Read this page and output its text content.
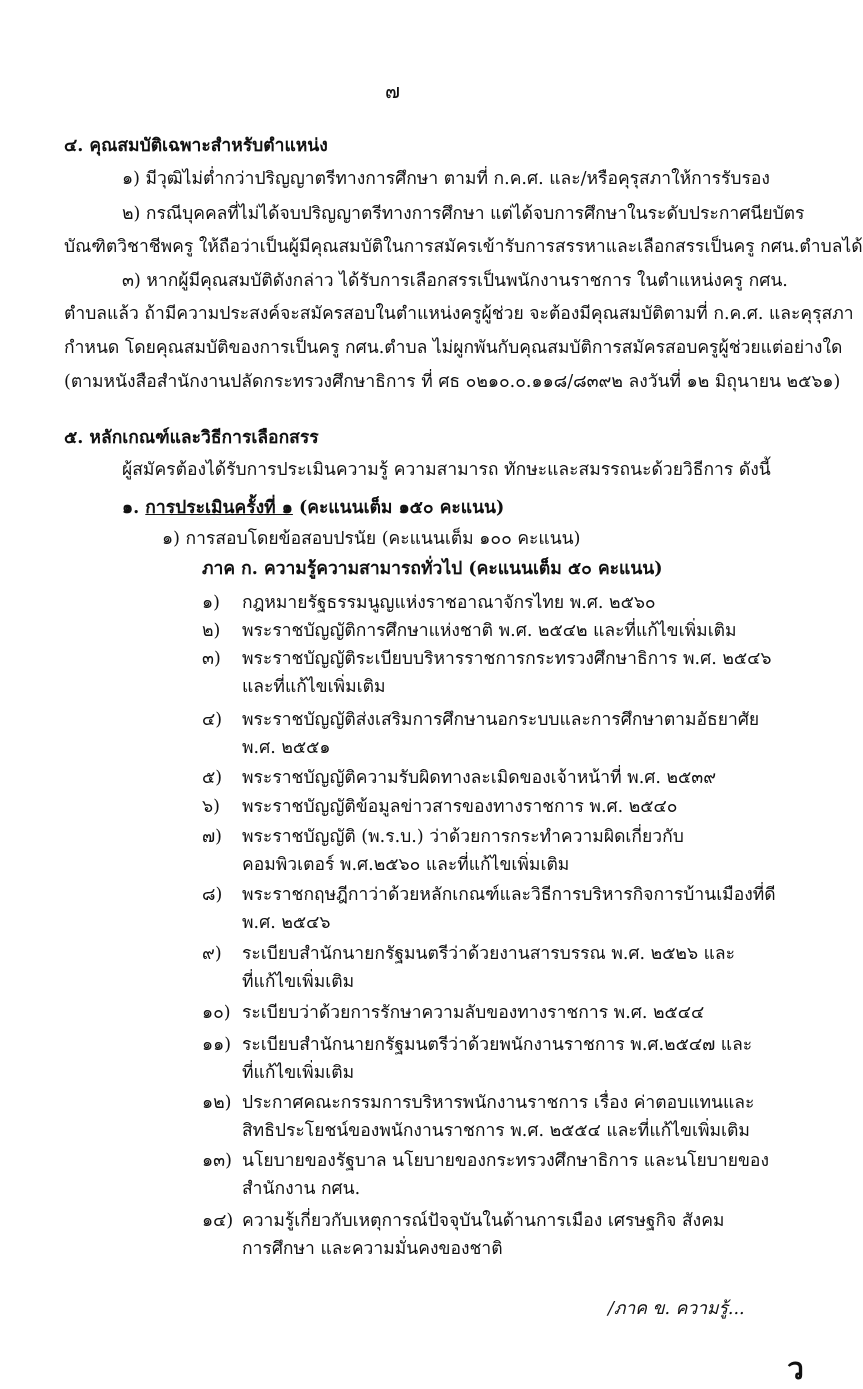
๗
๔. คุณสมบัติเฉพาะสำหรับตำแหน่ง
๑) มีวุฒิไม่ต่ำกว่าปริญญาตรีทางการศึกษา ตามที่ ก.ค.ศ. และ/หรือคุรุสภาให้การรับรอง
๒) กรณีบุคคลที่ไม่ได้จบปริญญาตรีทางการศึกษา แต่ได้จบการศึกษาในระดับประกาศนียบัตร
บัณฑิตวิชาชีพครู ให้ถือว่าเป็นผู้มีคุณสมบัติในการสมัครเข้ารับการสรรหาและเลือกสรรเป็นครู กศน.ตำบลได้
๓) หากผู้มีคุณสมบัติดังกล่าว ได้รับการเลือกสรรเป็นพนักงานราชการ ในตำแหน่งครู กศน.
ตำบลแล้ว ถ้ามีความประสงค์จะสมัครสอบในตำแหน่งครูผู้ช่วย จะต้องมีคุณสมบัติตามที่ ก.ค.ศ. และคุรุสภา
กำหนด โดยคุณสมบัติของการเป็นครู กศน.ตำบล ไม่ผูกพันกับคุณสมบัติการสมัครสอบครูผู้ช่วยแต่อย่างใด
(ตามหนังสือสำนักงานปลัดกระทรวงศึกษาธิการ ที่ ศธ ๐๒๑๐.๐.๑๑๘/๘๓๙๒ ลงวันที่ ๑๒ มิถุนายน ๒๕๖๑)
๕. หลักเกณฑ์และวิธีการเลือกสรร
ผู้สมัครต้องได้รับการประเมินความรู้ ความสามารถ ทักษะและสมรรถนะด้วยวิธีการ ดังนี้
๑. การประเมินครั้งที่ ๑ (คะแนนเต็ม ๑๕๐ คะแนน)
๑) การสอบโดยข้อสอบปรนัย (คะแนนเต็ม ๑๐๐ คะแนน)
ภาค ก. ความรู้ความสามารถทั่วไป (คะแนนเต็ม ๕๐ คะแนน)
๑) กฎหมายรัฐธรรมนูญแห่งราชอาณาจักรไทย พ.ศ. ๒๕๖๐
๒) พระราชบัญญัติการศึกษาแห่งชาติ พ.ศ. ๒๕๔๒ และที่แก้ไขเพิ่มเติม
๓) พระราชบัญญัติระเบียบบริหารราชการกระทรวงศึกษาธิการ พ.ศ. ๒๕๔๖
และที่แก้ไขเพิ่มเติม
๔) พระราชบัญญัติส่งเสริมการศึกษานอกระบบและการศึกษาตามอัธยาศัย
พ.ศ. ๒๕๕๑
๕) พระราชบัญญัติความรับผิดทางละเมิดของเจ้าหน้าที่ พ.ศ. ๒๕๓๙
๖) พระราชบัญญัติข้อมูลข่าวสารของทางราชการ พ.ศ. ๒๕๔๐
๗) พระราชบัญญัติ (พ.ร.บ.) ว่าด้วยการกระทำความผิดเกี่ยวกับ
คอมพิวเตอร์ พ.ศ.๒๕๖๐ และที่แก้ไขเพิ่มเติม
๘) พระราชกฤษฎีกาว่าด้วยหลักเกณฑ์และวิธีการบริหารกิจการบ้านเมืองที่ดี
พ.ศ. ๒๕๔๖
๙) ระเบียบสำนักนายกรัฐมนตรีว่าด้วยงานสารบรรณ พ.ศ. ๒๕๒๖ และ
ที่แก้ไขเพิ่มเติม
๑๐) ระเบียบว่าด้วยการรักษาความลับของทางราชการ พ.ศ. ๒๕๔๔
๑๑) ระเบียบสำนักนายกรัฐมนตรีว่าด้วยพนักงานราชการ พ.ศ.๒๕๔๗ และ
ที่แก้ไขเพิ่มเติม
๑๒) ประกาศคณะกรรมการบริหารพนักงานราชการ เรื่อง ค่าตอบแทนและ
สิทธิประโยชน์ของพนักงานราชการ พ.ศ. ๒๕๕๔ และที่แก้ไขเพิ่มเติม
๑๓) นโยบายของรัฐบาล นโยบายของกระทรวงศึกษาธิการ และนโยบายของ
สำนักงาน กศน.
๑๔) ความรู้เกี่ยวกับเหตุการณ์ปัจจุบันในด้านการเมือง เศรษฐกิจ สังคม
การศึกษา และความมั่นคงของชาติ
/ภาค ข. ความรู้...
ว
